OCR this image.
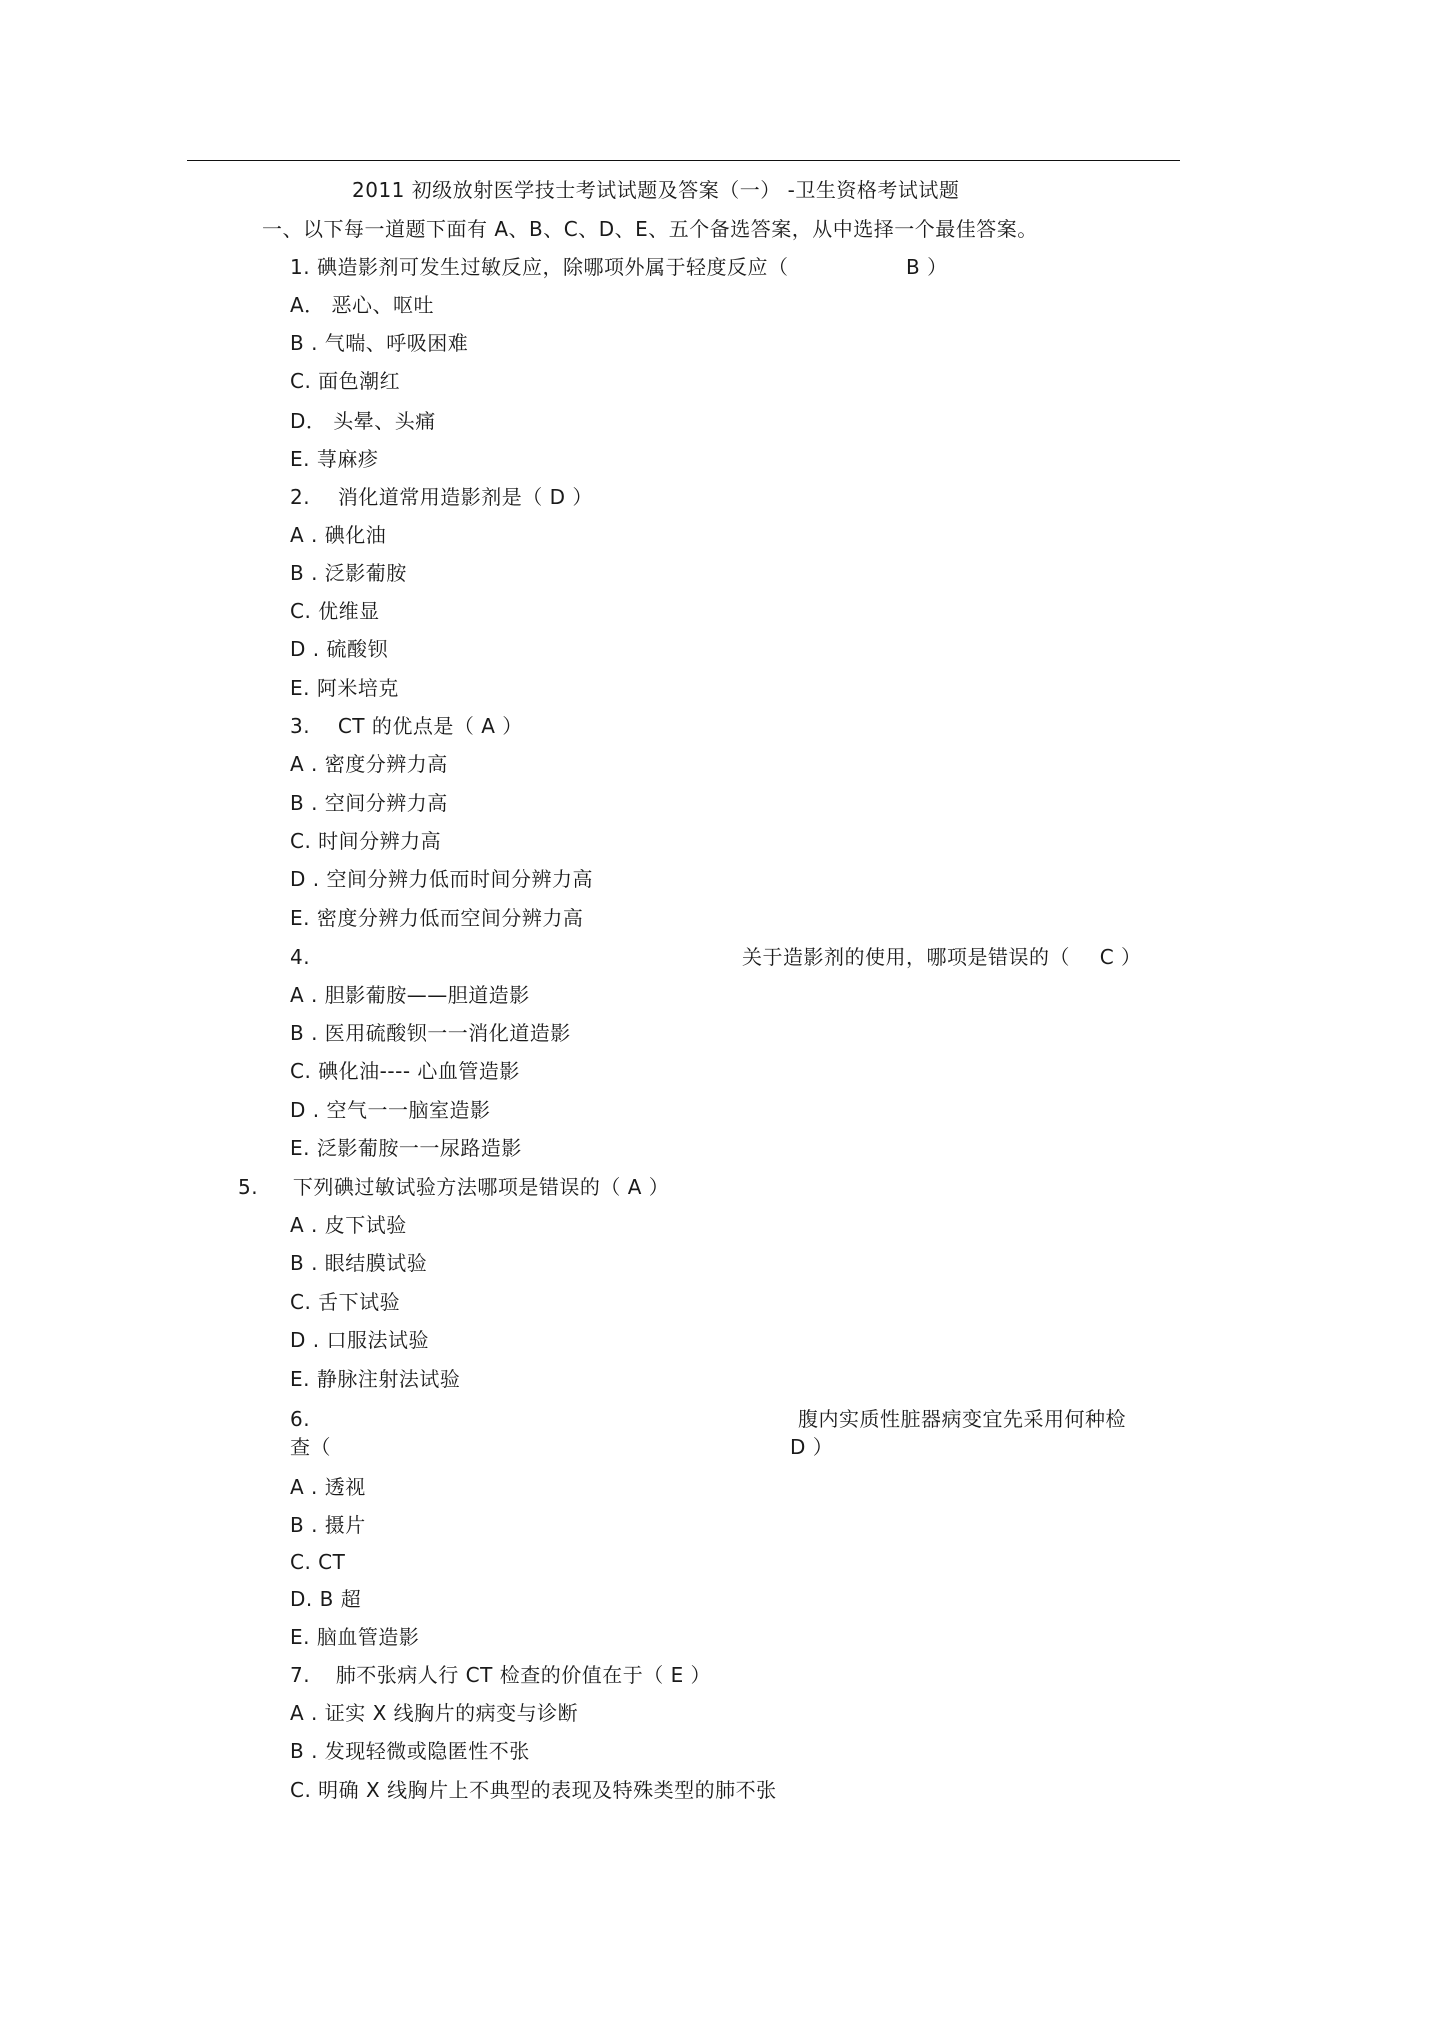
2011 初级放射医学技士考试试题及答案（一） -卫生资格考试试题
一、以下每一道题下面有 A、B、C、D、E、五个备选答案，从中选择一个最佳答案。
1. 碘造影剂可发生过敏反应，除哪项外属于轻度反应（	B ）
A． 恶心、呕吐
B . 气喘、呼吸困难
C. 面色潮红
D． 头晕、头痛
E. 荨麻疹
2. 消化道常用造影剂是（ D ）
A . 碘化油
B . 泛影葡胺
C. 优维显
D . 硫酸钡
E. 阿米培克
3. CT 的优点是（ A ）
A . 密度分辨力高
B . 空间分辨力高
C. 时间分辨力高
D . 空间分辨力低而时间分辨力高
E. 密度分辨力低而空间分辨力高
4.	关于造影剂的使用，哪项是错误的（ C ）
A . 胆影葡胺——胆道造影
B . 医用硫酸钡一一消化道造影
C. 碘化油---- 心血管造影
D . 空气一一脑室造影
E. 泛影葡胺一一尿路造影
5. 下列碘过敏试验方法哪项是错误的（ A ）
A . 皮下试验
B . 眼结膜试验
C. 舌下试验
D . 口服法试验
E. 静脉注射法试验
6.	腹内实质性脏器病变宜先采用何种检
查（	D ）
A . 透视
B . 摄片
C. CT
D. B 超
E. 脑血管造影
7. 肺不张病人行 CT 检查的价值在于（ E ）
A . 证实 X 线胸片的病变与诊断
B . 发现轻微或隐匿性不张
C. 明确 X 线胸片上不典型的表现及特殊类型的肺不张
